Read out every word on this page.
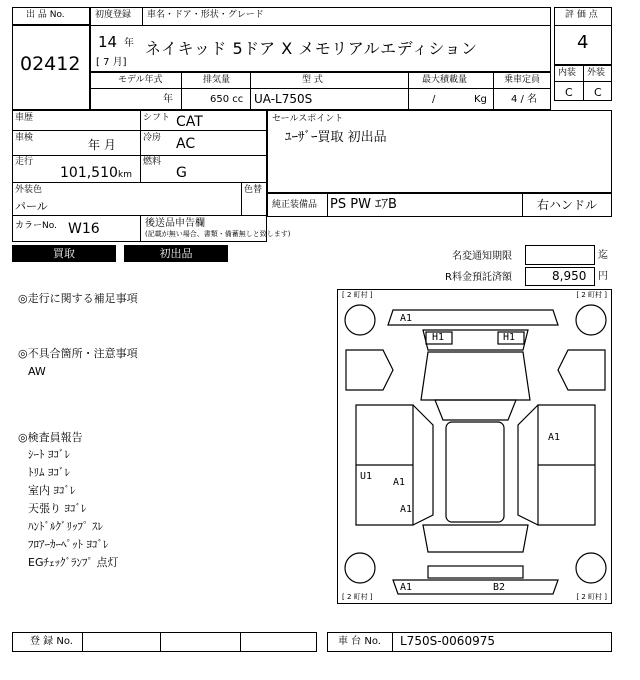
出 品 No.
02412
初度登録 車名・ドア・形状・グレード
14 年
[ 7 月]
ネイキッド 5ドア X メモリアルエディション
評 価 点
4
内装 外装
C C
モデル年式	排気量	型 式	最大積載量	乗車定員
年	650 cc UA-L750S	/	Kg 4 / 名
車歴	シフト CAT
車検	年 月	冷房 AC
走行
101,510 km
燃料
G
外装色
パール
色替
カラーNo. W16	後送品申告欄
(記載が無い場合、書類・備蓄無しと致します)
セールスポイント
ﾕｰｻﾞｰ買取 初出品
純正装備品 PS PW ｴｱB	右ハンドル
買取	初出品	名変通知期限	迄
R料金預託済額	8,950 円
◎走行に関する補足事項
◎不具合箇所・注意事項
AW
◎検査員報告
ｼｰﾄ ﾖｺﾞﾚ
ﾄﾘﾑ ﾖｺﾞﾚ
室内 ﾖｺﾞﾚ
天張り ﾖｺﾞﾚ
ﾊﾝﾄﾞﾙｸﾞﾘｯﾌﾟ ｽﾚ
ﾌﾛｱｰｶｰﾍﾟｯﾄ ﾖｺﾞﾚ
EGﾁｪｯｸﾞﾗﾝﾌﾟ 点灯
[ 2 町村 ]	[ 2 町村 ]
[ 2 町村 ]	[ 2 町村 ]
A1
H1	H1
A1
U1
A1
A1
A1	B2
登 録 No.	車 台 No. L750S-0060975
